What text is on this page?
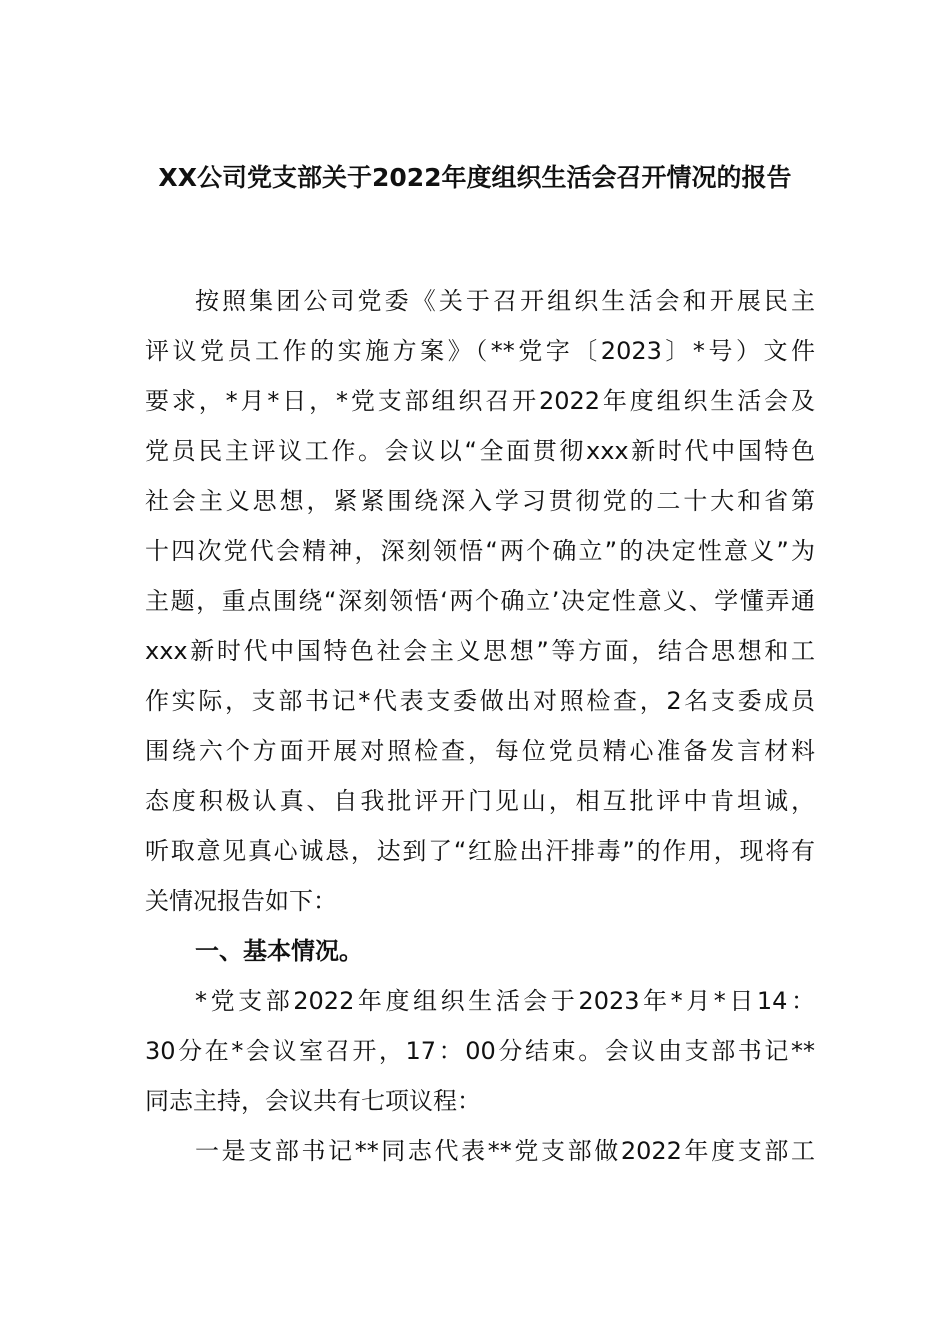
XX公司党支部关于2022年度组织生活会召开情况的报告
按照集团公司党委《关于召开组织生活会和开展民主
评议党员工作的实施方案》（**党字〔2023〕*号）文件
要求，*月*日，*党支部组织召开2022年度组织生活会及
党员民主评议工作。会议以“全面贯彻xxx新时代中国特色
社会主义思想，紧紧围绕深入学习贯彻党的二十大和省第
十四次党代会精神，深刻领悟“两个确立”的决定性意义”为
主题，重点围绕“深刻领悟‘两个确立’决定性意义、学懂弄通
xxx新时代中国特色社会主义思想”等方面，结合思想和工
作实际，支部书记*代表支委做出对照检查，2名支委成员
围绕六个方面开展对照检查，每位党员精心准备发言材料
态度积极认真、自我批评开门见山，相互批评中肯坦诚，
听取意见真心诚恳，达到了“红脸出汗排毒”的作用，现将有
关情况报告如下：
一、基本情况。
*党支部2022年度组织生活会于2023年*月*日14：
30分在*会议室召开，17：00分结束。会议由支部书记**
同志主持，会议共有七项议程：
一是支部书记**同志代表**党支部做2022年度支部工
